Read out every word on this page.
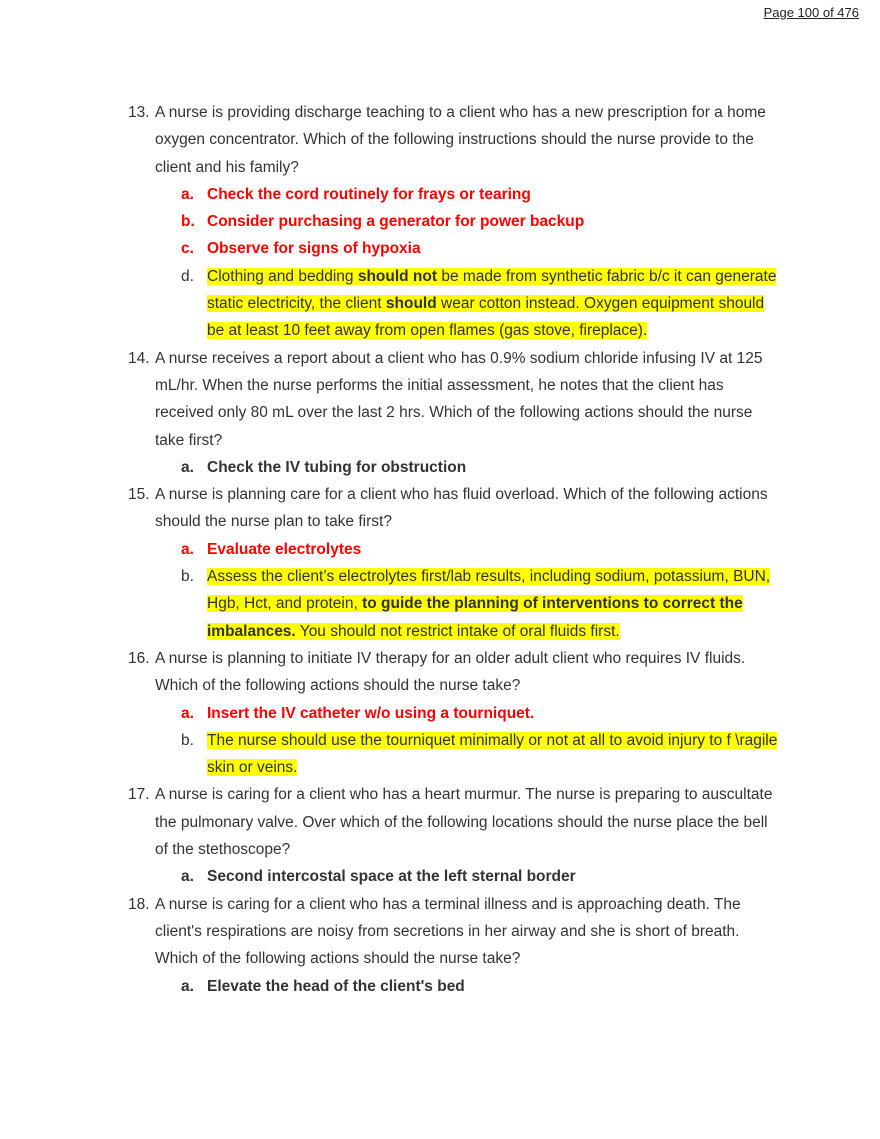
Page 100 of 476
13. A nurse is providing discharge teaching to a client who has a new prescription for a home oxygen concentrator. Which of the following instructions should the nurse provide to the client and his family?
a. Check the cord routinely for frays or tearing
b. Consider purchasing a generator for power backup
c. Observe for signs of hypoxia
d. Clothing and bedding should not be made from synthetic fabric b/c it can generate static electricity, the client should wear cotton instead. Oxygen equipment should be at least 10 feet away from open flames (gas stove, fireplace).
14. A nurse receives a report about a client who has 0.9% sodium chloride infusing IV at 125 mL/hr. When the nurse performs the initial assessment, he notes that the client has received only 80 mL over the last 2 hrs. Which of the following actions should the nurse take first?
a. Check the IV tubing for obstruction
15. A nurse is planning care for a client who has fluid overload. Which of the following actions should the nurse plan to take first?
a. Evaluate electrolytes
b. Assess the client’s electrolytes first/lab results, including sodium, potassium, BUN, Hgb, Hct, and protein, to guide the planning of interventions to correct the imbalances. You should not restrict intake of oral fluids first.
16. A nurse is planning to initiate IV therapy for an older adult client who requires IV fluids. Which of the following actions should the nurse take?
a. Insert the IV catheter w/o using a tourniquet.
b. The nurse should use the tourniquet minimally or not at all to avoid injury to f \ragile skin or veins.
17. A nurse is caring for a client who has a heart murmur. The nurse is preparing to auscultate the pulmonary valve. Over which of the following locations should the nurse place the bell of the stethoscope?
a. Second intercostal space at the left sternal border
18. A nurse is caring for a client who has a terminal illness and is approaching death. The client's respirations are noisy from secretions in her airway and she is short of breath. Which of the following actions should the nurse take?
a. Elevate the head of the client's bed
